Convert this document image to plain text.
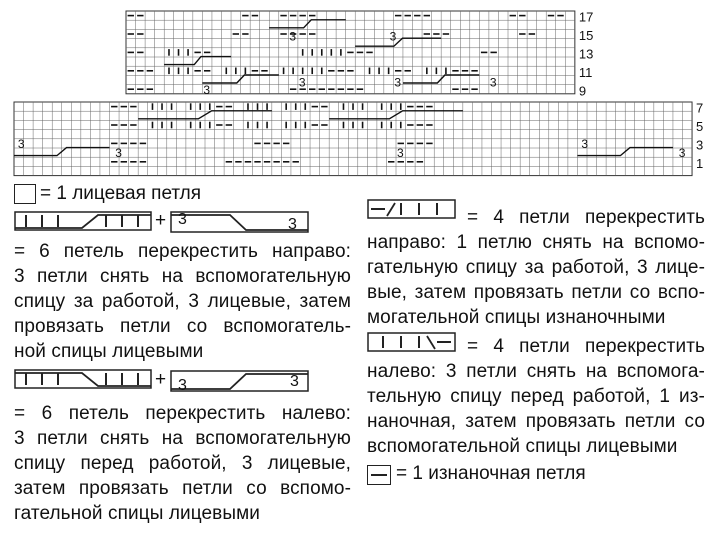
3	3
3
3	3	3
3
3	3
3
3
17
15
13
11
9
7
5
3
1
= 1 лицевая петля
+ 3	3
= 6 петель перекрестить направо:
3 петли снять на вспомогательную
спицу за работой, 3 лицевые, затем
провязать петли со вспомогатель-
ной спицы лицевыми
+ 3	3
= 6 петель перекрестить налево:
3 петли снять на вспомогательную
спицу перед работой, 3 лицевые,
затем провязать петли со вспомо-
гательной спицы лицевыми
= 4 петли перекрестить
направо: 1 петлю снять на вспомо-
гательную спицу за работой, 3 лице-
вые, затем провязать петли со вспо-
могательной спицы изнаночными
= 4 петли перекрестить
налево: 3 петли снять на вспомога-
тельную спицу перед работой, 1 из-
наночная, затем провязать петли со
вспомогательной спицы лицевыми
= 1 изнаночная петля
